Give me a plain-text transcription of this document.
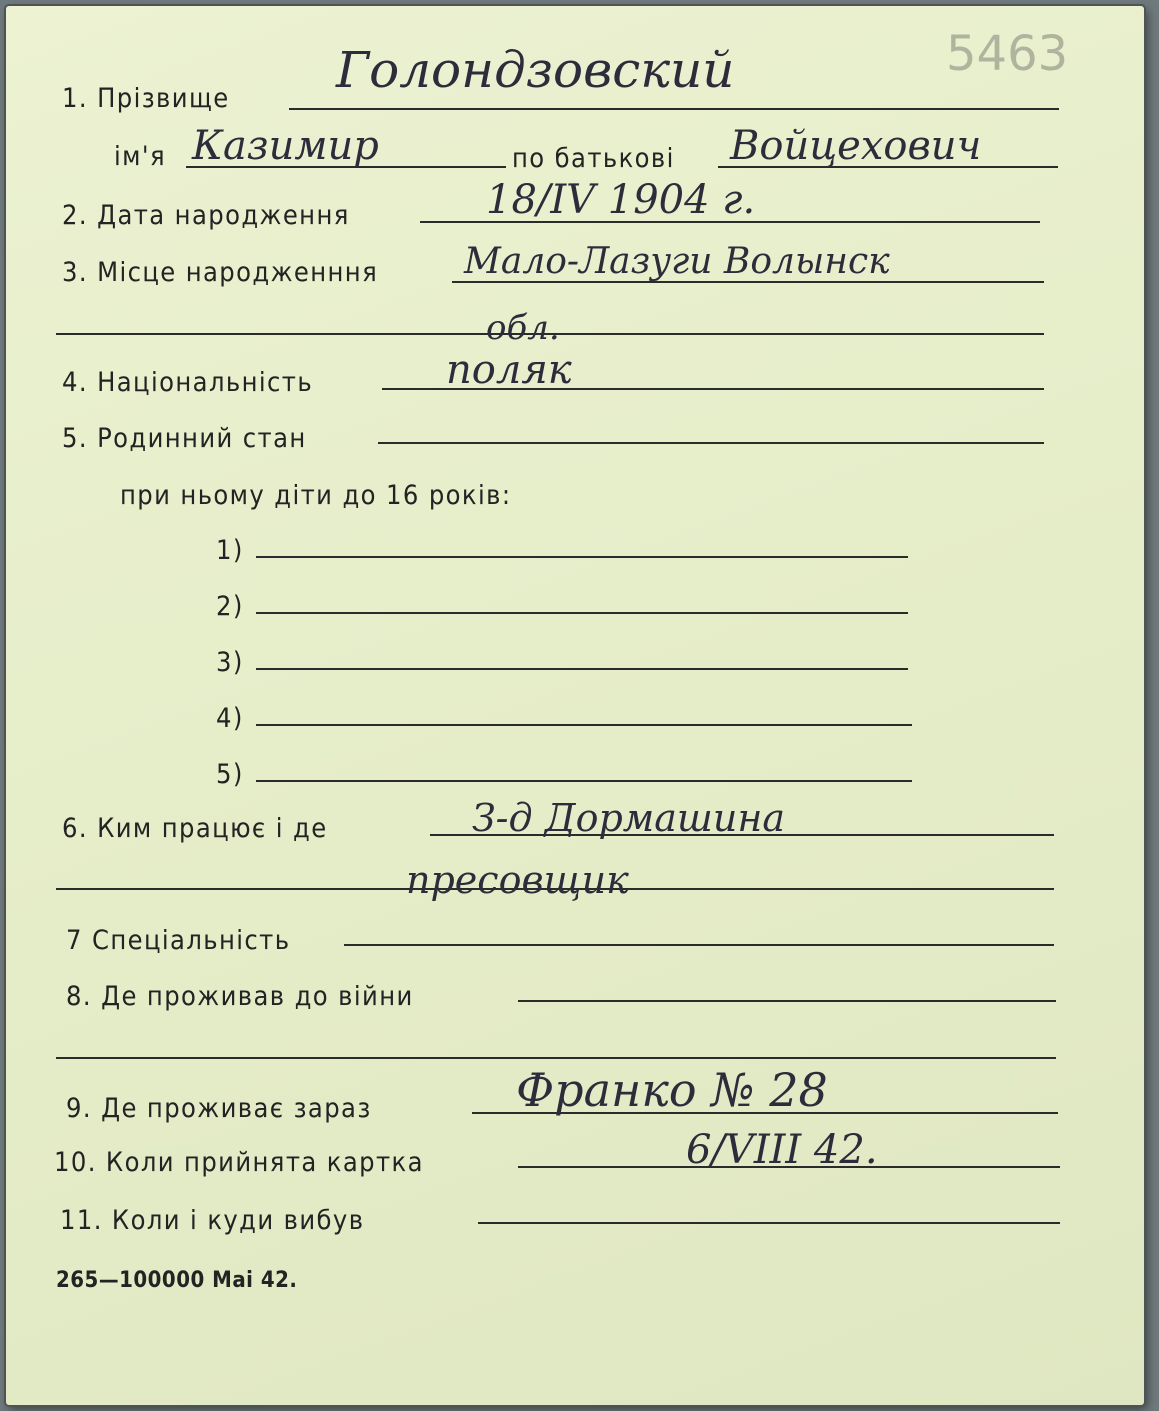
5463
1. Прізвище Голондзовский
ім'я Казимир	по батькові Войцехович
2. Дата народження	18/IV 1904 г.
3. Місце народженння Мало-Лазуги Волынск
обл.
4. Національність	поляк
5. Родинний стан
при ньому діти до 16 років:
1)
2)
3)
4)
5)
6. Ким працює і де	З-д Дормашина
пресовщик
7 Спеціальність
8. Де проживав до війни
9. Де проживає зараз	Франко № 28
10. Коли прийнята картка	6/VIII 42.
11. Коли і куди вибув
265—100000 Mai 42.
